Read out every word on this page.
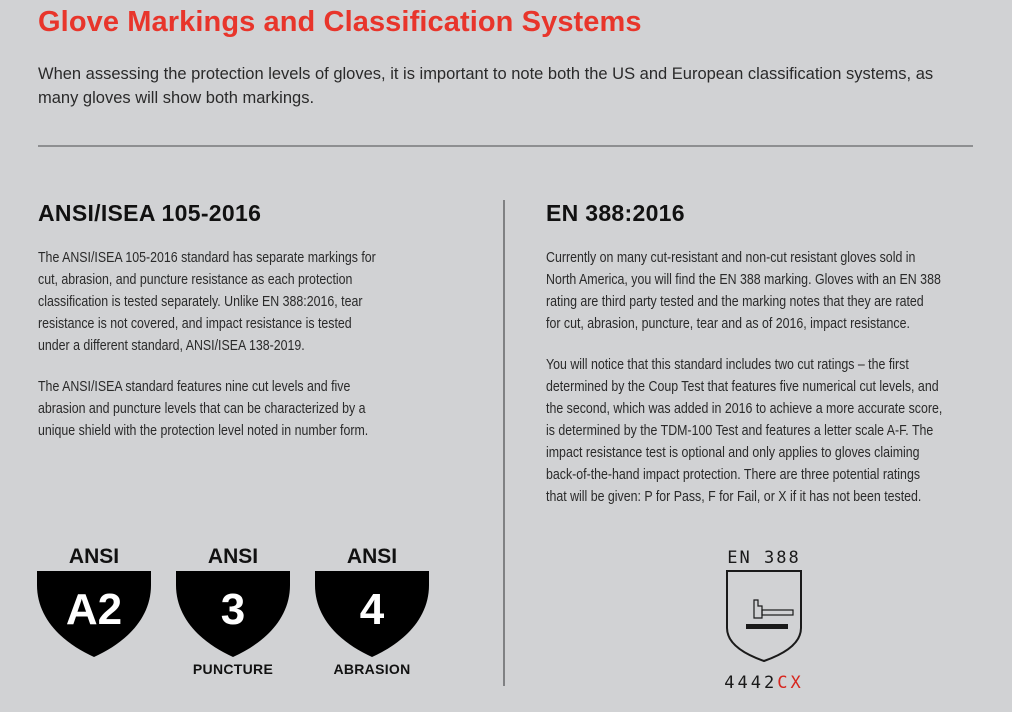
Glove Markings and Classification Systems

When assessing the protection levels of gloves, it is important to note both the US and European classification systems, as many gloves will show both markings.

ANSI/ISEA 105-2016
The ANSI/ISEA 105-2016 standard has separate markings for
cut, abrasion, and puncture resistance as each protection
classification is tested separately. Unlike EN 388:2016, tear
resistance is not covered, and impact resistance is tested
under a different standard, ANSI/ISEA 138-2019.
The ANSI/ISEA standard features nine cut levels and five
abrasion and puncture levels that can be characterized by a
unique shield with the protection level noted in number form.
ANSI
A2
ANSI
3
PUNCTURE
ANSI
4
ABRASION
EN 388:2016
Currently on many cut-resistant and non-cut resistant gloves sold in
North America, you will find the EN 388 marking. Gloves with an EN 388
rating are third party tested and the marking notes that they are rated
for cut, abrasion, puncture, tear and as of 2016, impact resistance.
You will notice that this standard includes two cut ratings – the first
determined by the Coup Test that features five numerical cut levels, and
the second, which was added in 2016 to achieve a more accurate score,
is determined by the TDM-100 Test and features a letter scale A-F. The
impact resistance test is optional and only applies to gloves claiming
back-of-the-hand impact protection. There are three potential ratings
that will be given: P for Pass, F for Fail, or X if it has not been tested.
EN 388
4442CX
